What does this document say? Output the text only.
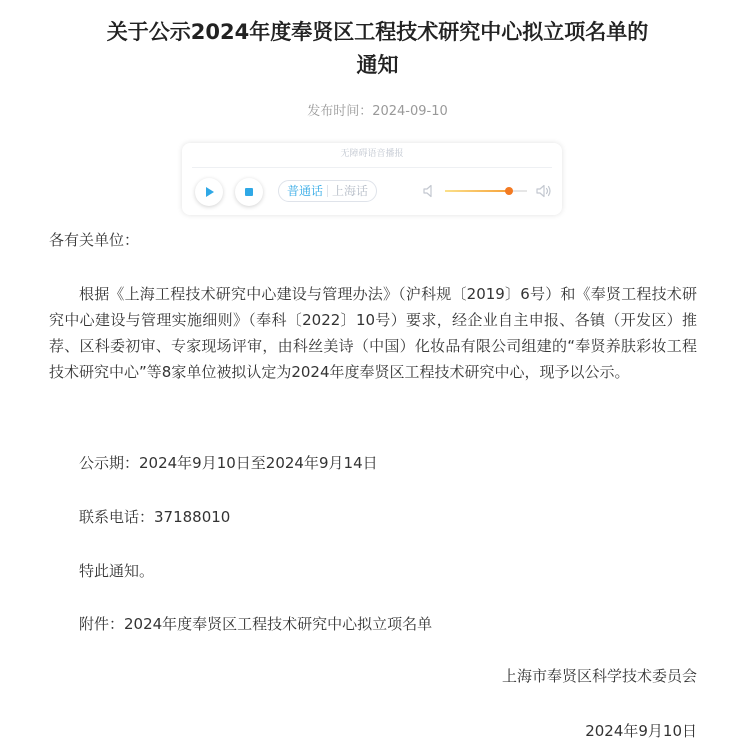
关于公示2024年度奉贤区工程技术研究中心拟立项名单的
通知
发布时间：2024-09-10
无障碍语音播报
普通话 上海话
各有关单位：

根据《上海工程技术研究中心建设与管理办法》（沪科规〔2019〕6号）和《奉贤工程技术研究中心建设与管理实施细则》（奉科〔2022〕10号）要求，经企业自主申报、各镇（开发区）推荐、区科委初审、专家现场评审，由科丝美诗（中国）化妆品有限公司组建的“奉贤养肤彩妆工程技术研究中心”等8家单位被拟认定为2024年度奉贤区工程技术研究中心，现予以公示。

公示期：2024年9月10日至2024年9月14日

联系电话：37188010

特此通知。

附件：2024年度奉贤区工程技术研究中心拟立项名单

上海市奉贤区科学技术委员会
2024年9月10日
